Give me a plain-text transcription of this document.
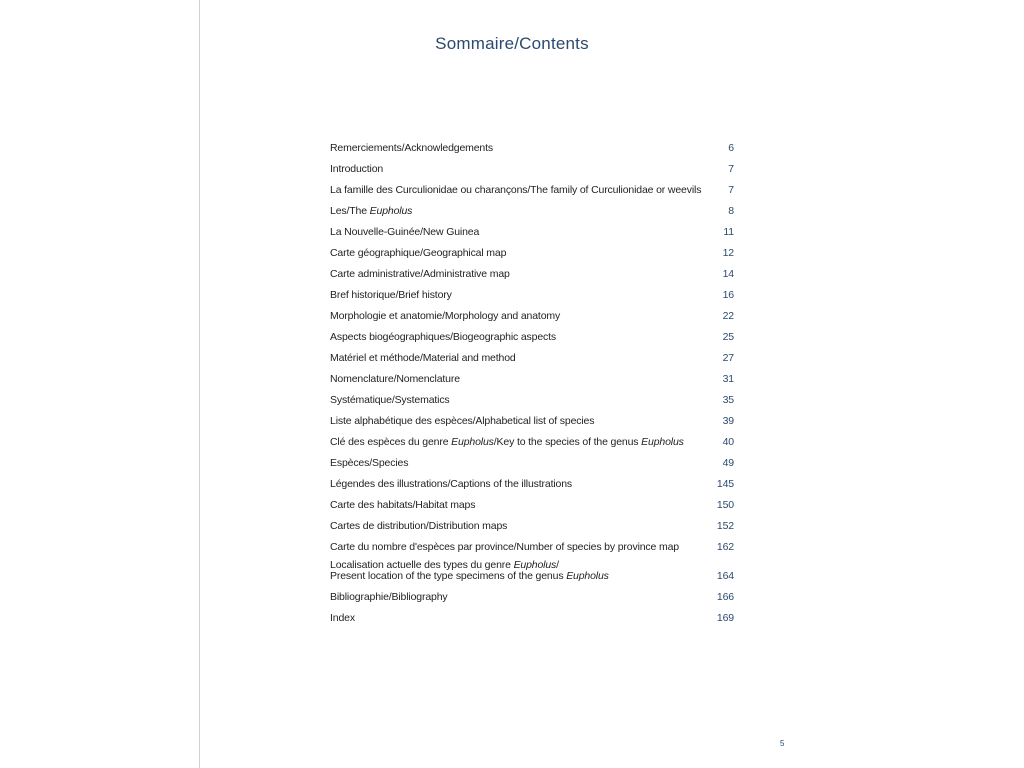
Sommaire/Contents
Remerciements/Acknowledgements	6
Introduction	7
La famille des Curculionidae ou charançons/The family of Curculionidae or weevils	7
Les/The Eupholus	8
La Nouvelle-Guinée/New Guinea	11
Carte géographique/Geographical map	12
Carte administrative/Administrative map	14
Bref historique/Brief history	16
Morphologie et anatomie/Morphology and anatomy	22
Aspects biogéographiques/Biogeographic aspects	25
Matériel et méthode/Material and method	27
Nomenclature/Nomenclature	31
Systématique/Systematics	35
Liste alphabétique des espèces/Alphabetical list of species	39
Clé des espèces du genre Eupholus/Key to the species of the genus Eupholus	40
Espèces/Species	49
Légendes des illustrations/Captions of the illustrations	145
Carte des habitats/Habitat maps	150
Cartes de distribution/Distribution maps	152
Carte du nombre d'espèces par province/Number of species by province map	162
Localisation actuelle des types du genre Eupholus/
Present location of the type specimens of the genus Eupholus	164
Bibliographie/Bibliography	166
Index	169
5
